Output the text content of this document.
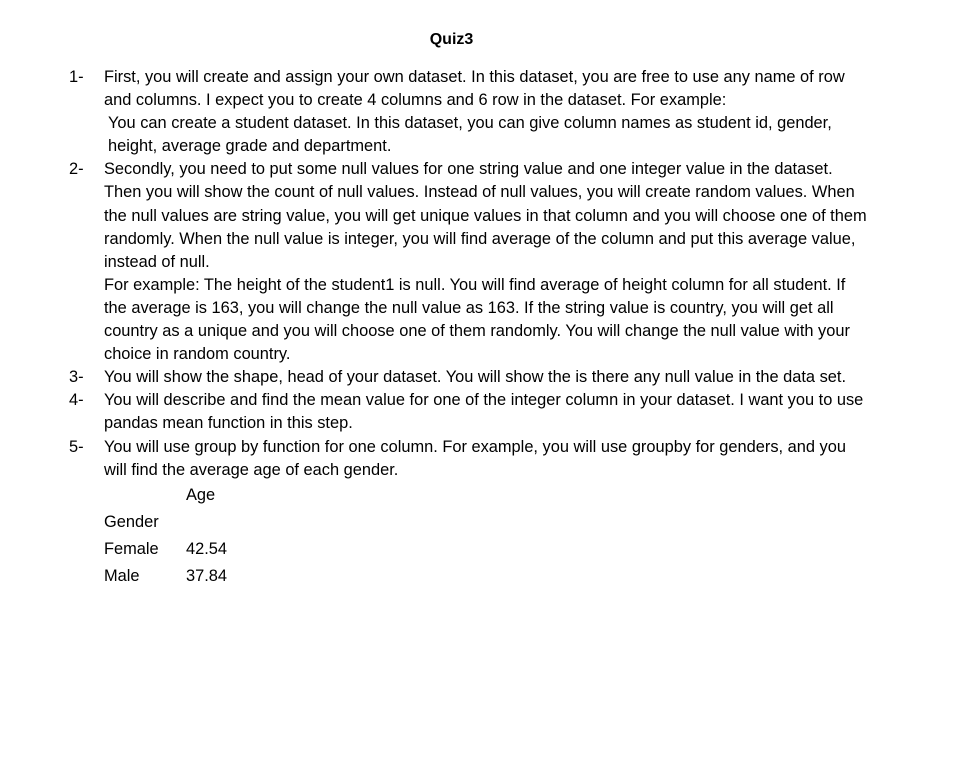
Quiz3
1-	First, you will create and assign your own dataset. In this dataset, you are free to use any name of row and columns. I expect you to create 4 columns and 6 row in the dataset. For example:

You can create a student dataset. In this dataset, you can give column names as student id, gender, height, average grade and department.

2-	Secondly, you need to put some null values for one string value and one integer value in the dataset. Then you will show the count of null values. Instead of null values, you will create random values. When the null values are string value, you will get unique values in that column and you will choose one of them randomly. When the null value is integer, you will find average of the column and put this average value, instead of null.

For example: The height of the student1 is null. You will find average of height column for all student. If the average is 163, you will change the null value as 163. If the string value is country, you will get all country as a unique and you will choose one of them randomly. You will change the null value with your choice in random country.

3-	You will show the shape, head of your dataset. You will show the is there any null value in the data set.

4-	You will describe and find the mean value for one of the integer column in your dataset. I want you to use pandas mean function in this step.

5-	You will use group by function for one column. For example, you will use groupby for genders, and you will find the average age of each gender.

	Age
Gender	
Female	42.54
Male	37.84
